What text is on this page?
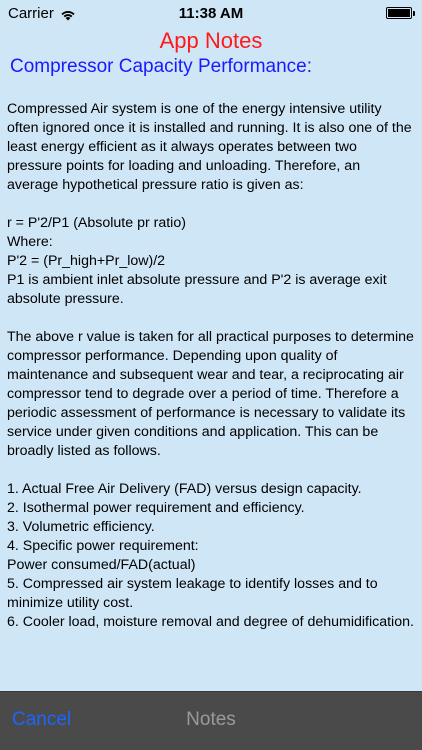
Carrier	11:38 AM
App Notes
Compressor Capacity Performance:

Compressed Air system is one of the energy intensive utility often ignored once it is installed and running. It is also one of the least energy efficient as it always operates between two pressure points for loading and unloading. Therefore, an average hypothetical pressure ratio is given as:

r = P'2/P1 (Absolute pr ratio)
Where:
P'2 = (Pr_high+Pr_low)/2
P1 is ambient inlet absolute pressure and P'2 is average exit absolute pressure.

The above r value is taken for all practical purposes to determine compressor performance. Depending upon quality of maintenance and subsequent wear and tear, a reciprocating air compressor tend to degrade over a period of time. Therefore a periodic assessment of performance is necessary to validate its service under given conditions and application. This can be broadly listed as follows.

1. Actual Free Air Delivery (FAD) versus design capacity.
2. Isothermal power requirement and efficiency.
3. Volumetric efficiency.
4. Specific power requirement:
Power consumed/FAD(actual)
5. Compressed air system leakage to identify losses and to minimize utility cost.
6. Cooler load, moisture removal and degree of dehumidification.

Cancel	Notes
